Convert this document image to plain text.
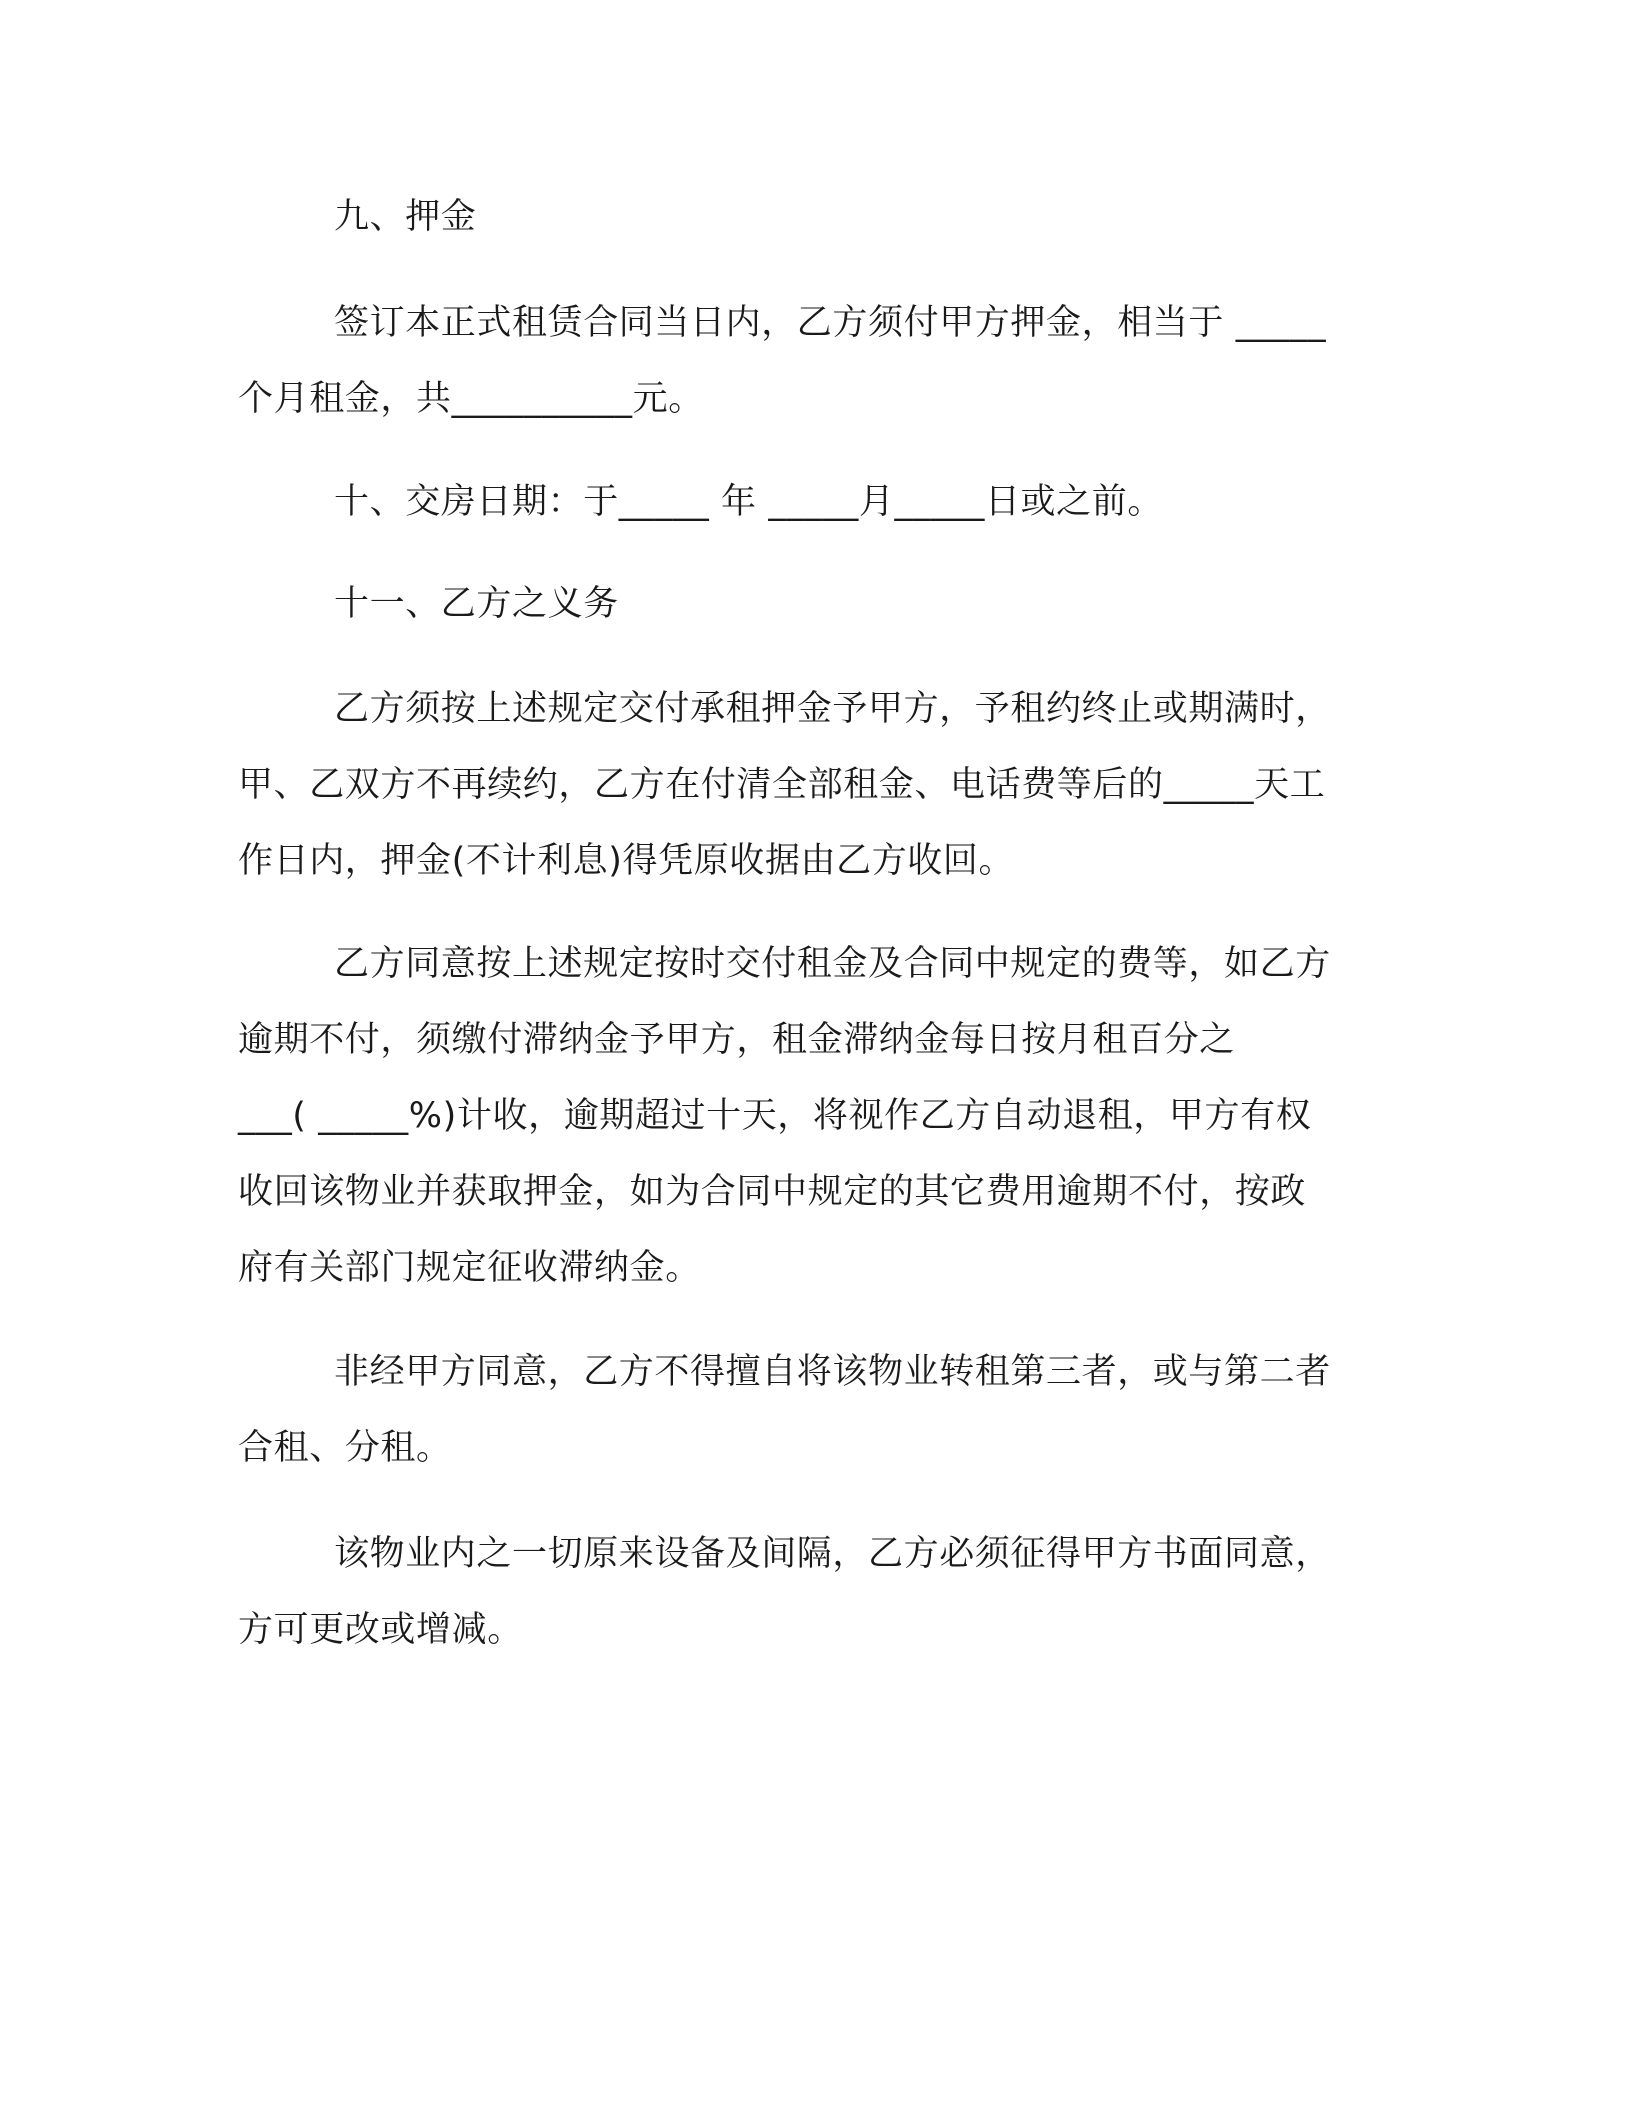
九、押金
签订本正式租赁合同当日内，乙方须付甲方押金，相当于 _____
个月租金，共__________元。
十、交房日期：于_____ 年 _____月_____日或之前。
十一、乙方之义务
乙方须按上述规定交付承租押金予甲方，予租约终止或期满时，
甲、乙双方不再续约，乙方在付清全部租金、电话费等后的_____天工
作日内，押金(不计利息)得凭原收据由乙方收回。
乙方同意按上述规定按时交付租金及合同中规定的费等，如乙方
逾期不付，须缴付滞纳金予甲方，租金滞纳金每日按月租百分之
___( _____%)计收，逾期超过十天，将视作乙方自动退租，甲方有权
收回该物业并获取押金，如为合同中规定的其它费用逾期不付，按政
府有关部门规定征收滞纳金。
非经甲方同意，乙方不得擅自将该物业转租第三者，或与第二者
合租、分租。
该物业内之一切原来设备及间隔，乙方必须征得甲方书面同意，
方可更改或增减。
